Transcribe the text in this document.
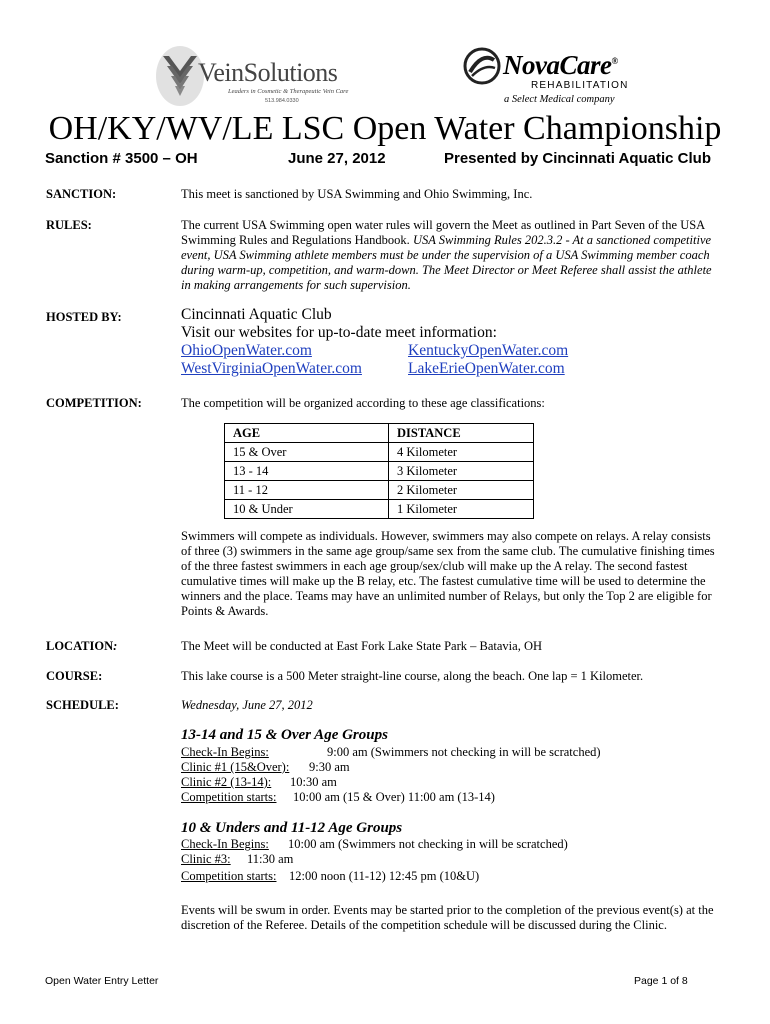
VeinSolutions
Leaders in Cosmetic & Therapeutic Vein Care
513.984.0330
NovaCare®
REHABILITATION
a Select Medical company
OH/KY/WV/LE LSC Open Water Championship
Sanction # 3500 – OH	June 27, 2012	Presented by Cincinnati Aquatic Club
SANCTION:	This meet is sanctioned by USA Swimming and Ohio Swimming, Inc.
RULES:	The current USA Swimming open water rules will govern the Meet as outlined in Part Seven of the USA Swimming Rules and Regulations Handbook. USA Swimming Rules 202.3.2 - At a sanctioned competitive event, USA Swimming athlete members must be under the supervision of a USA Swimming member coach during warm-up, competition, and warm-down. The Meet Director or Meet Referee shall assist the athlete in making arrangements for such supervision.
HOSTED BY:	Cincinnati Aquatic Club
Visit our websites for up-to-date meet information:
OhioOpenWater.com	KentuckyOpenWater.com
WestVirginiaOpenWater.com	LakeErieOpenWater.com
COMPETITION:	The competition will be organized according to these age classifications:
AGE	DISTANCE
15 & Over	4 Kilometer
13 - 14	3 Kilometer
11 - 12	2 Kilometer
10 & Under	1 Kilometer
Swimmers will compete as individuals. However, swimmers may also compete on relays. A relay consists of three (3) swimmers in the same age group/same sex from the same club. The cumulative finishing times of the three fastest swimmers in each age group/sex/club will make up the A relay. The second fastest cumulative times will make up the B relay, etc. The fastest cumulative time will be used to determine the winners and the place. Teams may have an unlimited number of Relays, but only the Top 2 are eligible for Points & Awards.
LOCATION:	The Meet will be conducted at East Fork Lake State Park – Batavia, OH
COURSE:	This lake course is a 500 Meter straight-line course, along the beach. One lap = 1 Kilometer.
SCHEDULE:	Wednesday, June 27, 2012
13-14 and 15 & Over Age Groups
Check-In Begins:	9:00 am (Swimmers not checking in will be scratched)
Clinic #1 (15&Over): 9:30 am
Clinic #2 (13-14): 10:30 am
Competition starts: 10:00 am (15 & Over) 11:00 am (13-14)
10 & Unders and 11-12 Age Groups
Check-In Begins: 10:00 am (Swimmers not checking in will be scratched)
Clinic #3: 11:30 am
Competition starts: 12:00 noon (11-12) 12:45 pm (10&U)
Events will be swum in order. Events may be started prior to the completion of the previous event(s) at the discretion of the Referee. Details of the competition schedule will be discussed during the Clinic.
Open Water Entry Letter	Page 1 of 8
